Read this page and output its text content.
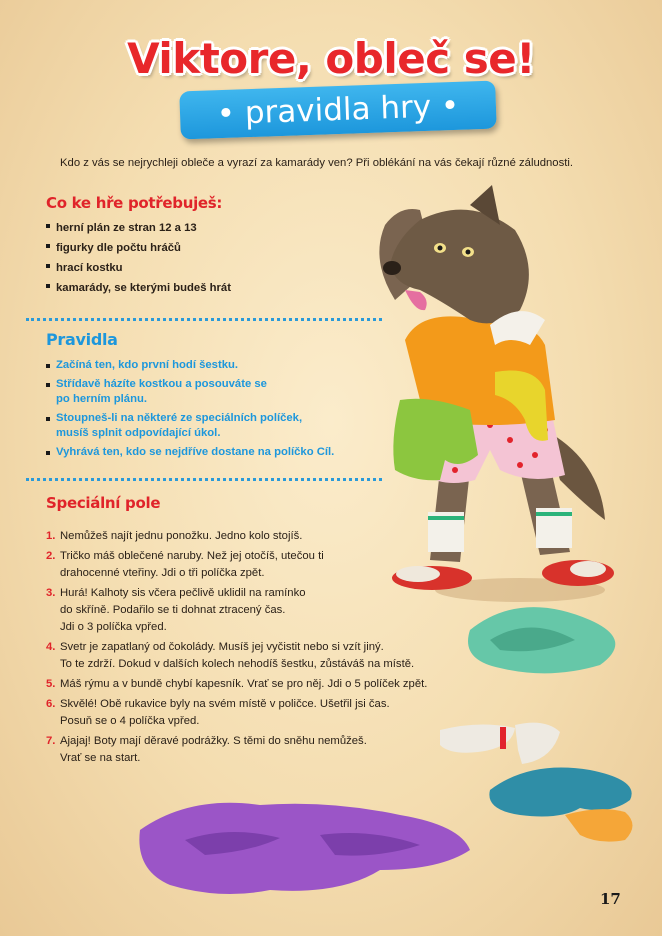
Viktore, obleč se!
• pravidla hry •
Kdo z vás se nejrychleji obleče a vyrazí za kamarády ven? Při oblékání na vás čekají různé záludnosti.
Co ke hře potřebuješ:
herní plán ze stran 12 a 13
figurky dle počtu hráčů
hrací kostku
kamarády, se kterými budeš hrát
Pravidla
Začíná ten, kdo první hodí šestku.
Střídavě házíte kostkou a posouváte se
po herním plánu.
Stoupneš-li na některé ze speciálních políček,
musíš splnit odpovídající úkol.
Vyhrává ten, kdo se nejdříve dostane na políčko Cíl.
Speciální pole
1. Nemůžeš najít jednu ponožku. Jedno kolo stojíš.
2. Tričko máš oblečené naruby. Než jej otočíš, utečou ti
drahocenné vteřiny. Jdi o tři políčka zpět.
3. Hurá! Kalhoty sis včera pečlivě uklidil na ramínko
do skříně. Podařilo se ti dohnat ztracený čas.
Jdi o 3 políčka vpřed.
4. Svetr je zapatlaný od čokolády. Musíš jej vyčistit nebo si vzít jiný.
To te zdrží. Dokud v dalších kolech nehodíš šestku, zůstáváš na místě.
5. Máš rýmu a v bundě chybí kapesník. Vrať se pro něj. Jdi o 5 políček zpět.
6. Skvělé! Obě rukavice byly na svém místě v poličce. Ušetřil jsi čas.
Posuň se o 4 políčka vpřed.
7. Ajajaj! Boty mají děravé podrážky. S těmi do sněhu nemůžeš.
Vrať se na start.
17
